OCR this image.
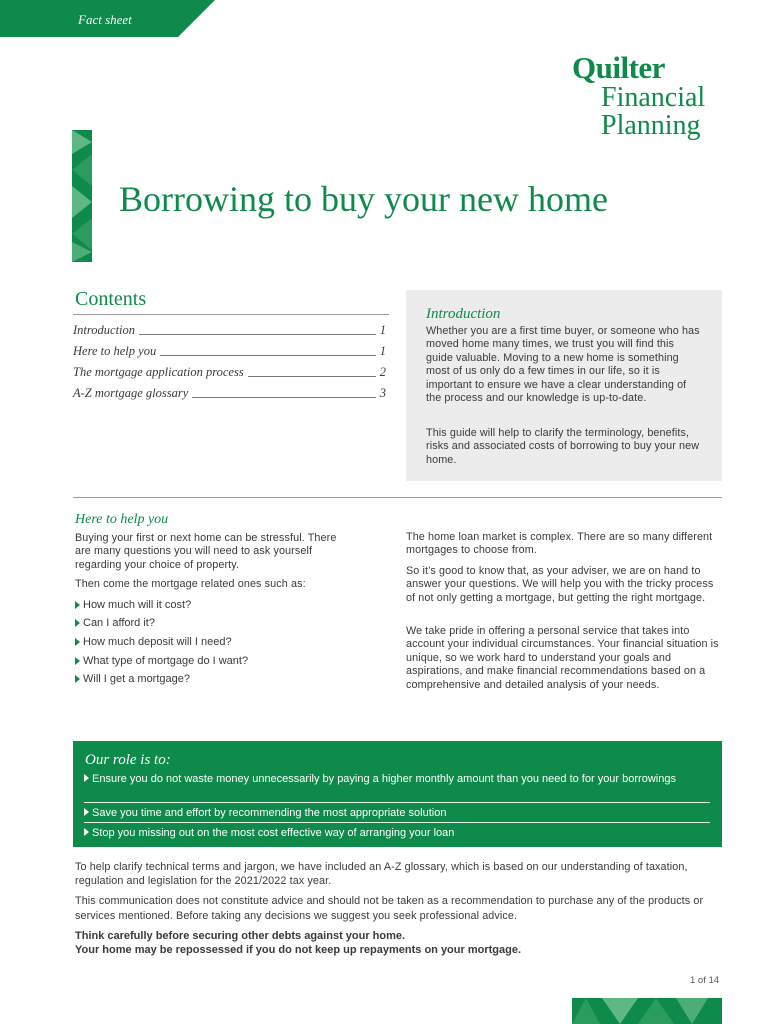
Fact sheet
Quilter
Financial
Planning
Borrowing to buy your new home
Contents
Introduction	1
Here to help you	1
The mortgage application process	2
A-Z mortgage glossary	3
Introduction
Whether you are a first time buyer, or someone who has moved home many times, we trust you will find this guide valuable. Moving to a new home is something most of us only do a few times in our life, so it is important to ensure we have a clear understanding of the process and our knowledge is up-to-date.
This guide will help to clarify the terminology, benefits, risks and associated costs of borrowing to buy your new home.
Here to help you
Buying your first or next home can be stressful. There are many questions you will need to ask yourself regarding your choice of property.
Then come the mortgage related ones such as:
How much will it cost?
Can I afford it?
How much deposit will I need?
What type of mortgage do I want?
Will I get a mortgage?
The home loan market is complex. There are so many different mortgages to choose from.
So it’s good to know that, as your adviser, we are on hand to answer your questions. We will help you with the tricky process of not only getting a mortgage, but getting the right mortgage.
We take pride in offering a personal service that takes into account your individual circumstances. Your financial situation is unique, so we work hard to understand your goals and aspirations, and make financial recommendations based on a comprehensive and detailed analysis of your needs.
Our role is to:
Ensure you do not waste money unnecessarily by paying a higher monthly amount than you need to for your borrowings
Save you time and effort by recommending the most appropriate solution
Stop you missing out on the most cost effective way of arranging your loan
To help clarify technical terms and jargon, we have included an A-Z glossary, which is based on our understanding of taxation, regulation and legislation for the 2021/2022 tax year.
This communication does not constitute advice and should not be taken as a recommendation to purchase any of the products or services mentioned. Before taking any decisions we suggest you seek professional advice.
Think carefully before securing other debts against your home.
Your home may be repossessed if you do not keep up repayments on your mortgage.
1 of 14
